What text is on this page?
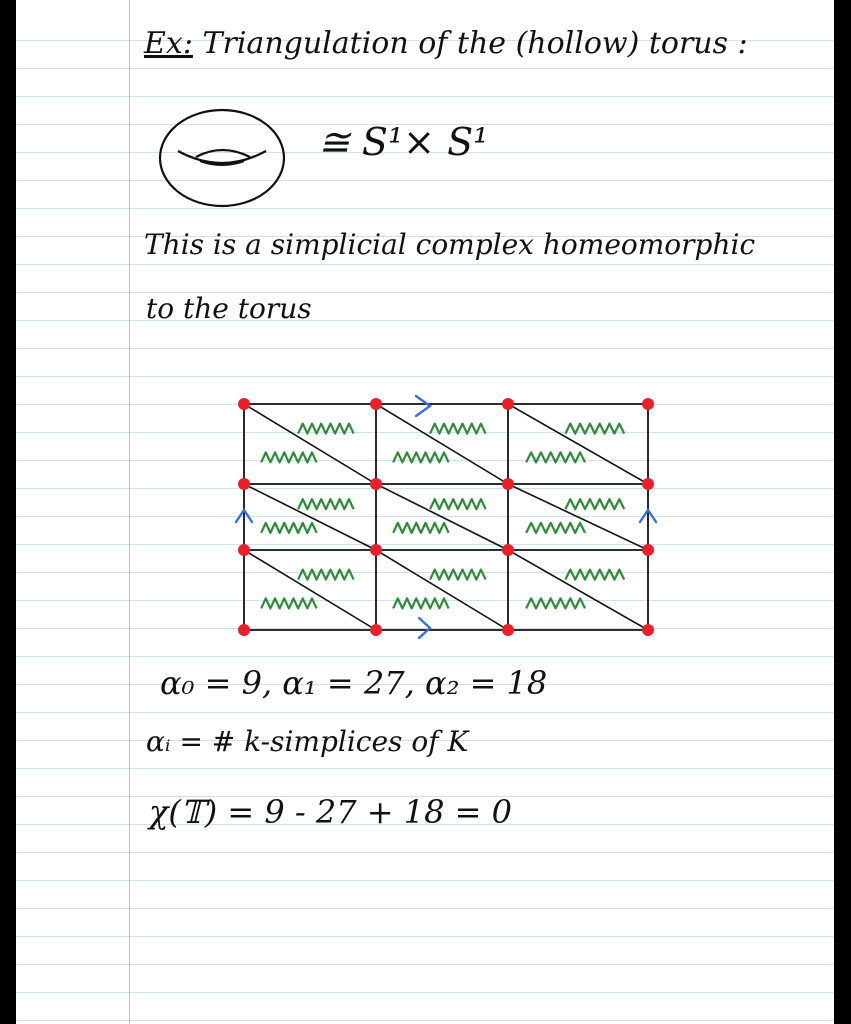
Ex: Triangulation of the (hollow) torus :
≅ S¹× S¹
This is a simplicial complex homeomorphic
to the torus
α₀ = 9, α₁ = 27, α₂ = 18
αᵢ = # k-simplices of K
χ(𝕋) = 9 - 27 + 18 = 0
